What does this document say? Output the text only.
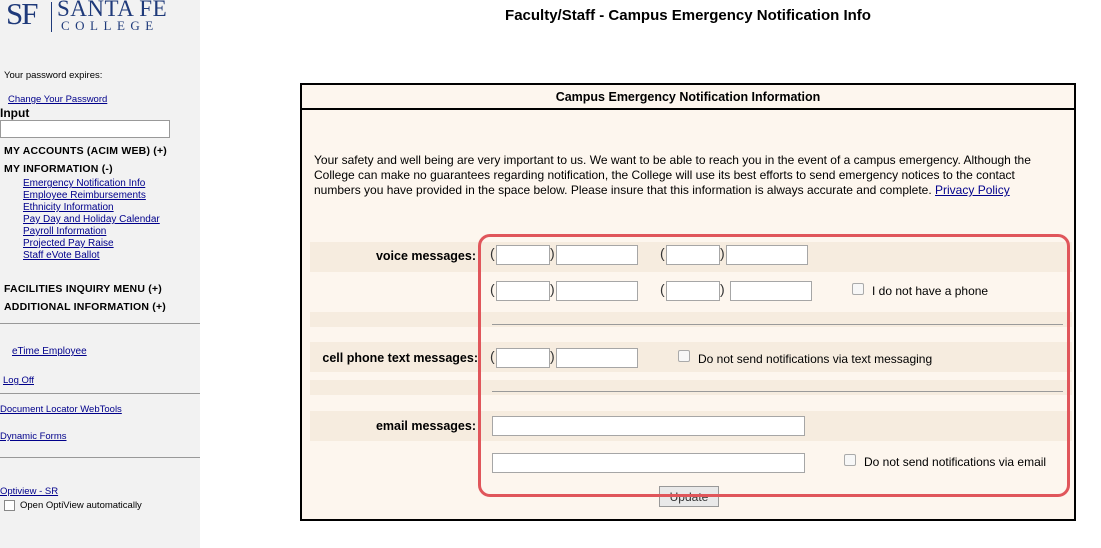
SF SANTA FE
COLLEGE
Your password expires:
Change Your Password
Input
MY ACCOUNTS (ACIM WEB) (+)
MY INFORMATION (-)
Emergency Notification Info
Employee Reimbursements
Ethnicity Information
Pay Day and Holiday Calendar
Payroll Information
Projected Pay Raise
Staff eVote Ballot
FACILITIES INQUIRY MENU (+)
ADDITIONAL INFORMATION (+)
eTime Employee
Log Off
Document Locator WebTools
Dynamic Forms
Optiview - SR
Open OptiView automatically
Faculty/Staff - Campus Emergency Notification Info
Campus Emergency Notification Information
Your safety and well being are very important to us. We want to be able to reach you in the event of a campus emergency. Although the College can make no guarantees regarding notification, the College will use its best efforts to send emergency notices to the contact numbers you have provided in the space below. Please insure that this information is always accurate and complete. Privacy Policy
voice messages: (	)	(	)
(	)	(	)	I do not have a phone
cell phone text messages: (	)	Do not send notifications via text messaging
email messages:
Do not send notifications via email
Update
